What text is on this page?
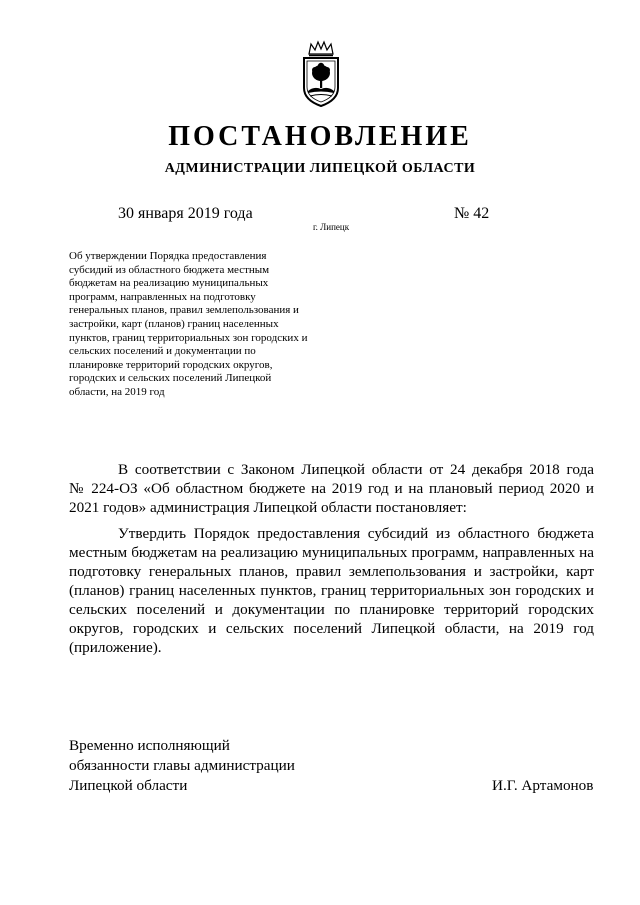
ПОСТАНОВЛЕНИЕ
АДМИНИСТРАЦИИ ЛИПЕЦКОЙ ОБЛАСТИ
30 января 2019 года
г. Липецк
№ 42
Об утверждении Порядка предоставления
субсидий из областного бюджета местным
бюджетам на реализацию муниципальных
программ, направленных на подготовку
генеральных планов, правил землепользования и
застройки, карт (планов) границ населенных
пунктов, границ территориальных зон городских и
сельских поселений и документации по
планировке территорий городских округов,
городских и сельских поселений Липецкой
области, на 2019 год
В соответствии с Законом Липецкой области от 24 декабря 2018 года
№ 224-ОЗ «Об областном бюджете на 2019 год и на плановый период 2020 и
2021 годов» администрация Липецкой области постановляет:
Утвердить Порядок предоставления субсидий из областного бюджета
местным бюджетам на реализацию муниципальных программ, направленных на
подготовку генеральных планов, правил землепользования и застройки, карт
(планов) границ населенных пунктов, границ территориальных зон городских и
сельских поселений и документации по планировке территорий городских
округов, городских и сельских поселений Липецкой области, на 2019 год
(приложение).
Временно исполняющий
обязанности главы администрации
Липецкой области	И.Г. Артамонов
